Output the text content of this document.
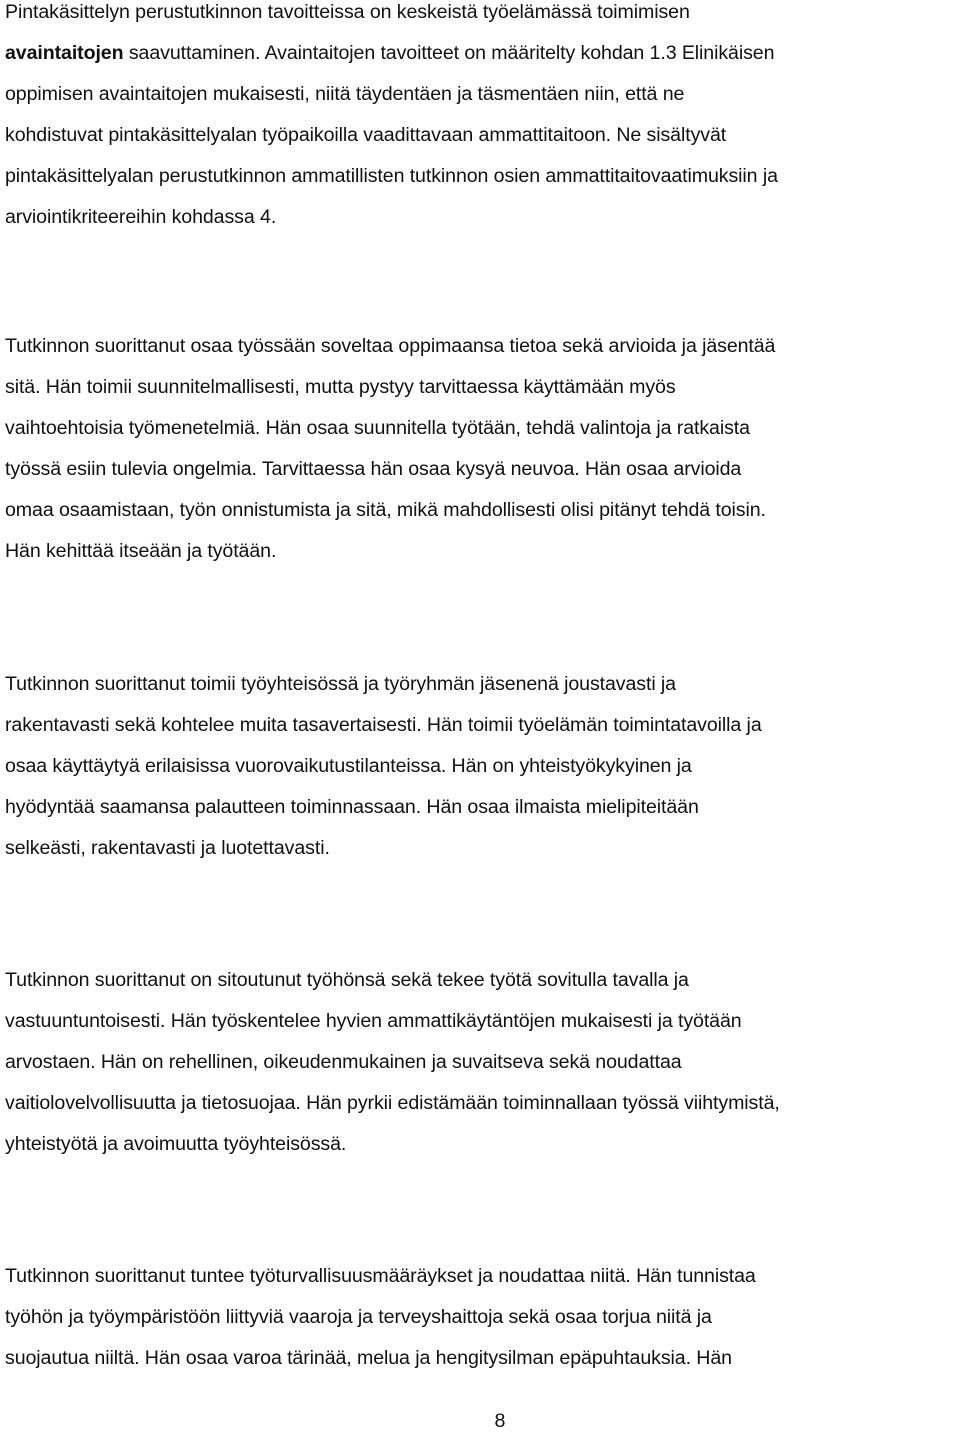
Pintakäsittelyn perustutkinnon tavoitteissa on keskeistä työelämässä toimimisen
avaintaitojen saavuttaminen. Avaintaitojen tavoitteet on määritelty kohdan 1.3 Elinikäisen
oppimisen avaintaitojen mukaisesti, niitä täydentäen ja täsmentäen niin, että ne
kohdistuvat pintakäsittelyalan työpaikoilla vaadittavaan ammattitaitoon. Ne sisältyvät
pintakäsittelyalan perustutkinnon ammatillisten tutkinnon osien ammattitaitovaatimuksiin ja
arviointikriteereihin kohdassa 4.

Tutkinnon suorittanut osaa työssään soveltaa oppimaansa tietoa sekä arvioida ja jäsentää
sitä. Hän toimii suunnitelmallisesti, mutta pystyy tarvittaessa käyttämään myös
vaihtoehtoisia työmenetelmiä. Hän osaa suunnitella työtään, tehdä valintoja ja ratkaista
työssä esiin tulevia ongelmia. Tarvittaessa hän osaa kysyä neuvoa. Hän osaa arvioida
omaa osaamistaan, työn onnistumista ja sitä, mikä mahdollisesti olisi pitänyt tehdä toisin.
Hän kehittää itseään ja työtään.

Tutkinnon suorittanut toimii työyhteisössä ja työryhmän jäsenenä joustavasti ja
rakentavasti sekä kohtelee muita tasavertaisesti. Hän toimii työelämän toimintatavoilla ja
osaa käyttäytyä erilaisissa vuorovaikutustilanteissa. Hän on yhteistyökykyinen ja
hyödyntää saamansa palautteen toiminnassaan. Hän osaa ilmaista mielipiteitään
selkeästi, rakentavasti ja luotettavasti.

Tutkinnon suorittanut on sitoutunut työhönsä sekä tekee työtä sovitulla tavalla ja
vastuuntuntoisesti. Hän työskentelee hyvien ammattikäytäntöjen mukaisesti ja työtään
arvostaen. Hän on rehellinen, oikeudenmukainen ja suvaitseva sekä noudattaa
vaitiolovelvollisuutta ja tietosuojaa. Hän pyrkii edistämään toiminnallaan työssä viihtymistä,
yhteistyötä ja avoimuutta työyhteisössä.

Tutkinnon suorittanut tuntee työturvallisuusmääräykset ja noudattaa niitä. Hän tunnistaa
työhön ja työympäristöön liittyviä vaaroja ja terveyshaittoja sekä osaa torjua niitä ja
suojautua niiltä. Hän osaa varoa tärinää, melua ja hengitysilman epäpuhtauksia. Hän

8
